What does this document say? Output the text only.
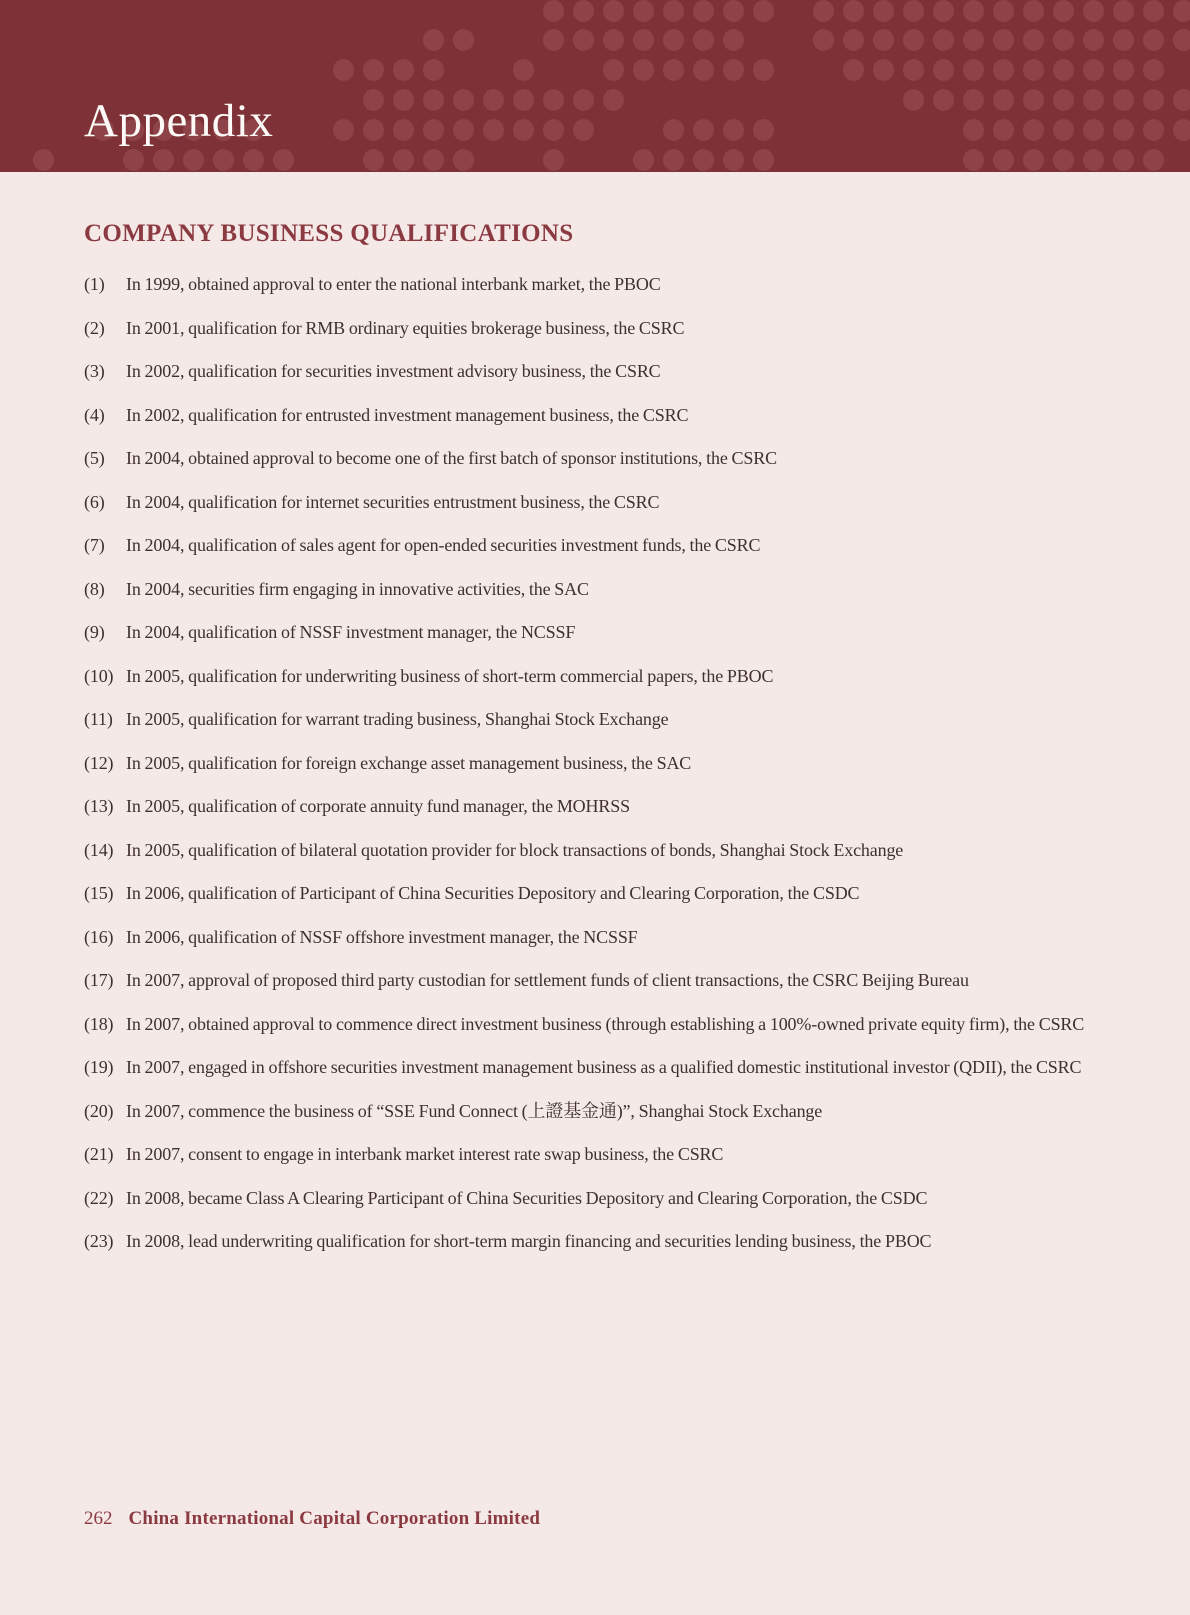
Appendix
COMPANY BUSINESS QUALIFICATIONS
(1)	In 1999, obtained approval to enter the national interbank market, the PBOC
(2)	In 2001, qualification for RMB ordinary equities brokerage business, the CSRC
(3)	In 2002, qualification for securities investment advisory business, the CSRC
(4)	In 2002, qualification for entrusted investment management business, the CSRC
(5)	In 2004, obtained approval to become one of the first batch of sponsor institutions, the CSRC
(6)	In 2004, qualification for internet securities entrustment business, the CSRC
(7)	In 2004, qualification of sales agent for open-ended securities investment funds, the CSRC
(8)	In 2004, securities firm engaging in innovative activities, the SAC
(9)	In 2004, qualification of NSSF investment manager, the NCSSF
(10) In 2005, qualification for underwriting business of short-term commercial papers, the PBOC
(11) In 2005, qualification for warrant trading business, Shanghai Stock Exchange
(12) In 2005, qualification for foreign exchange asset management business, the SAC
(13) In 2005, qualification of corporate annuity fund manager, the MOHRSS
(14) In 2005, qualification of bilateral quotation provider for block transactions of bonds, Shanghai Stock Exchange
(15) In 2006, qualification of Participant of China Securities Depository and Clearing Corporation, the CSDC
(16) In 2006, qualification of NSSF offshore investment manager, the NCSSF
(17) In 2007, approval of proposed third party custodian for settlement funds of client transactions, the CSRC Beijing Bureau
(18) In 2007, obtained approval to commence direct investment business (through establishing a 100%-owned private equity firm), the CSRC
(19) In 2007, engaged in offshore securities investment management business as a qualified domestic institutional investor (QDII), the CSRC
(20) In 2007, commence the business of “SSE Fund Connect (上證基金通)”, Shanghai Stock Exchange
(21) In 2007, consent to engage in interbank market interest rate swap business, the CSRC
(22) In 2008, became Class A Clearing Participant of China Securities Depository and Clearing Corporation, the CSDC
(23) In 2008, lead underwriting qualification for short-term margin financing and securities lending business, the PBOC
262 China International Capital Corporation Limited
